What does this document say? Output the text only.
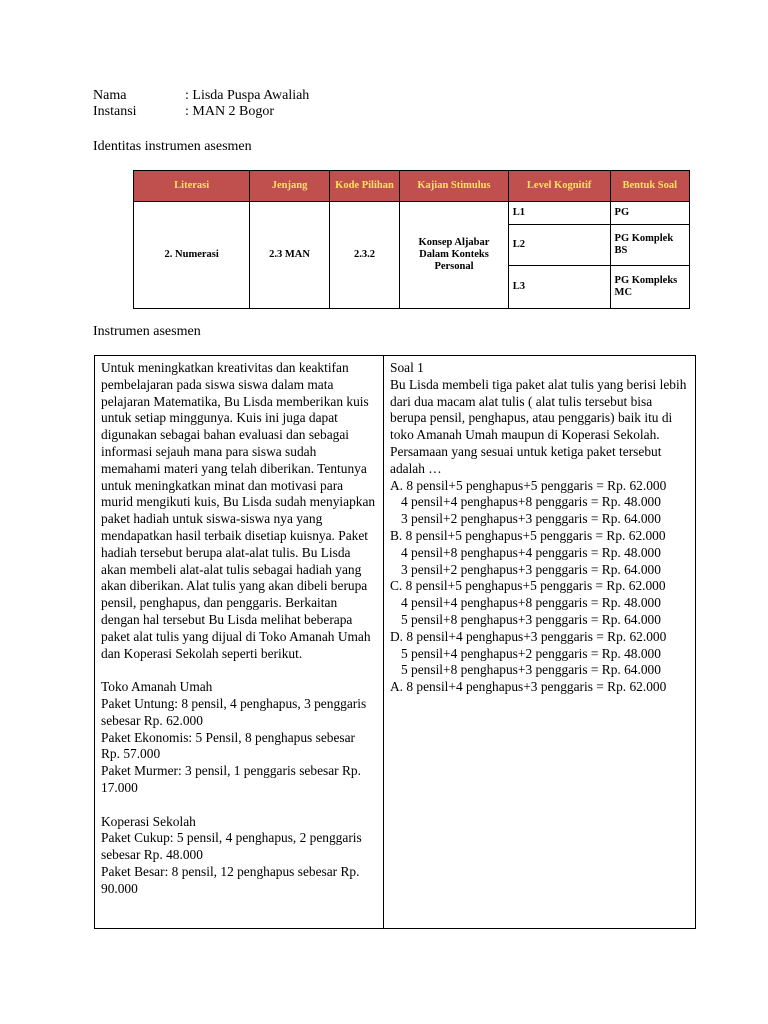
Nama	: Lisda Puspa Awaliah
Instansi	: MAN 2 Bogor
Identitas instrumen asesmen
Literasi	Jenjang	Kode Pilihan	Kajian Stimulus	Level Kognitif	Bentuk Soal
2. Numerasi	2.3 MAN	2.3.2	Konsep Aljabar Dalam Konteks Personal	L1	PG
				L2	PG Komplek BS
				L3	PG Kompleks MC
Instrumen asesmen

Untuk meningkatkan kreativitas dan keaktifan pembelajaran pada siswa siswa dalam mata pelajaran Matematika, Bu Lisda memberikan kuis untuk setiap minggunya. Kuis ini juga dapat digunakan sebagai bahan evaluasi dan sebagai informasi sejauh mana para siswa sudah memahami materi yang telah diberikan. Tentunya untuk meningkatkan minat dan motivasi para murid mengikuti kuis, Bu Lisda sudah menyiapkan paket hadiah untuk siswa-siswa nya yang mendapatkan hasil terbaik disetiap kuisnya. Paket hadiah tersebut berupa alat-alat tulis. Bu Lisda akan membeli alat-alat tulis sebagai hadiah yang akan diberikan. Alat tulis yang akan dibeli berupa pensil, penghapus, dan penggaris. Berkaitan dengan hal tersebut Bu Lisda melihat beberapa paket alat tulis yang dijual di Toko Amanah Umah dan Koperasi Sekolah seperti berikut.

Toko Amanah Umah

Paket Untung: 8 pensil, 4 penghapus, 3 penggaris sebesar Rp. 62.000

Paket Ekonomis: 5 Pensil, 8 penghapus sebesar Rp. 57.000

Paket Murmer: 3 pensil, 1 penggaris sebesar Rp. 17.000

Koperasi Sekolah

Paket Cukup: 5 pensil, 4 penghapus, 2 penggaris sebesar Rp. 48.000

Paket Besar: 8 pensil, 12 penghapus sebesar Rp. 90.000

Soal 1

Bu Lisda membeli tiga paket alat tulis yang berisi lebih dari dua macam alat tulis ( alat tulis tersebut bisa berupa pensil, penghapus, atau penggaris) baik itu di toko Amanah Umah maupun di Koperasi Sekolah.

Persamaan yang sesuai untuk ketiga paket tersebut adalah …

A. 8 pensil+5 penghapus+5 penggaris = Rp. 62.000

4 pensil+4 penghapus+8 penggaris = Rp. 48.000

3 pensil+2 penghapus+3 penggaris = Rp. 64.000

B. 8 pensil+5 penghapus+5 penggaris = Rp. 62.000

4 pensil+8 penghapus+4 penggaris = Rp. 48.000

3 pensil+2 penghapus+3 penggaris = Rp. 64.000

C. 8 pensil+5 penghapus+5 penggaris = Rp. 62.000

4 pensil+4 penghapus+8 penggaris = Rp. 48.000

5 pensil+8 penghapus+3 penggaris = Rp. 64.000

D. 8 pensil+4 penghapus+3 penggaris = Rp. 62.000

5 pensil+4 penghapus+2 penggaris = Rp. 48.000

5 pensil+8 penghapus+3 penggaris = Rp. 64.000

A. 8 pensil+4 penghapus+3 penggaris = Rp. 62.000
